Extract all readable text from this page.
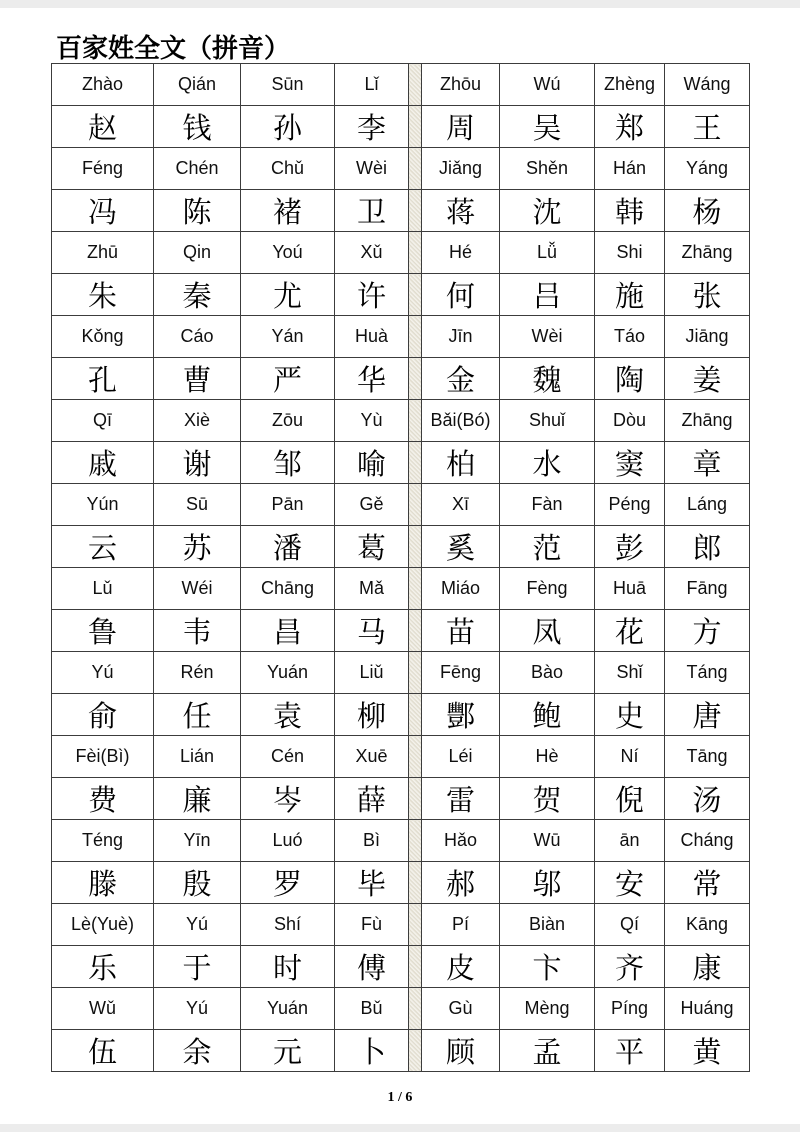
百家姓全文（拼音）
Zhào	Qián	Sūn	Lǐ		Zhōu	Wú	Zhèng	Wáng
赵	钱	孙	李		周	吴	郑	王
Féng	Chén	Chǔ	Wèi		Jiǎng	Shěn	Hán	Yáng
冯	陈	褚	卫		蒋	沈	韩	杨
Zhū	Qin	Yoú	Xǔ		Hé	Lǚ	Shi	Zhāng
朱	秦	尤	许		何	吕	施	张
Kǒng	Cáo	Yán	Huà		Jīn	Wèi	Táo	Jiāng
孔	曹	严	华		金	魏	陶	姜
Qī	Xiè	Zōu	Yù		Bǎi(Bó)	Shuǐ	Dòu	Zhāng
戚	谢	邹	喻		柏	水	窦	章
Yún	Sū	Pān	Gě		Xī	Fàn	Péng	Láng
云	苏	潘	葛		奚	范	彭	郎
Lǔ	Wéi	Chāng	Mǎ		Miáo	Fèng	Huā	Fāng
鲁	韦	昌	马		苗	凤	花	方
Yú	Rén	Yuán	Liǔ		Fēng	Bào	Shǐ	Táng
俞	任	袁	柳		酆	鲍	史	唐
Fèi(Bì)	Lián	Cén	Xuē		Léi	Hè	Ní	Tāng
费	廉	岑	薛		雷	贺	倪	汤
Téng	Yīn	Luó	Bì		Hǎo	Wū	ān	Cháng
滕	殷	罗	毕		郝	邬	安	常
Lè(Yuè)	Yú	Shí	Fù		Pí	Biàn	Qí	Kāng
乐	于	时	傅		皮	卞	齐	康
Wǔ	Yú	Yuán	Bǔ		Gù	Mèng	Píng	Huáng
伍	余	元	卜		顾	孟	平	黄
1 / 6
